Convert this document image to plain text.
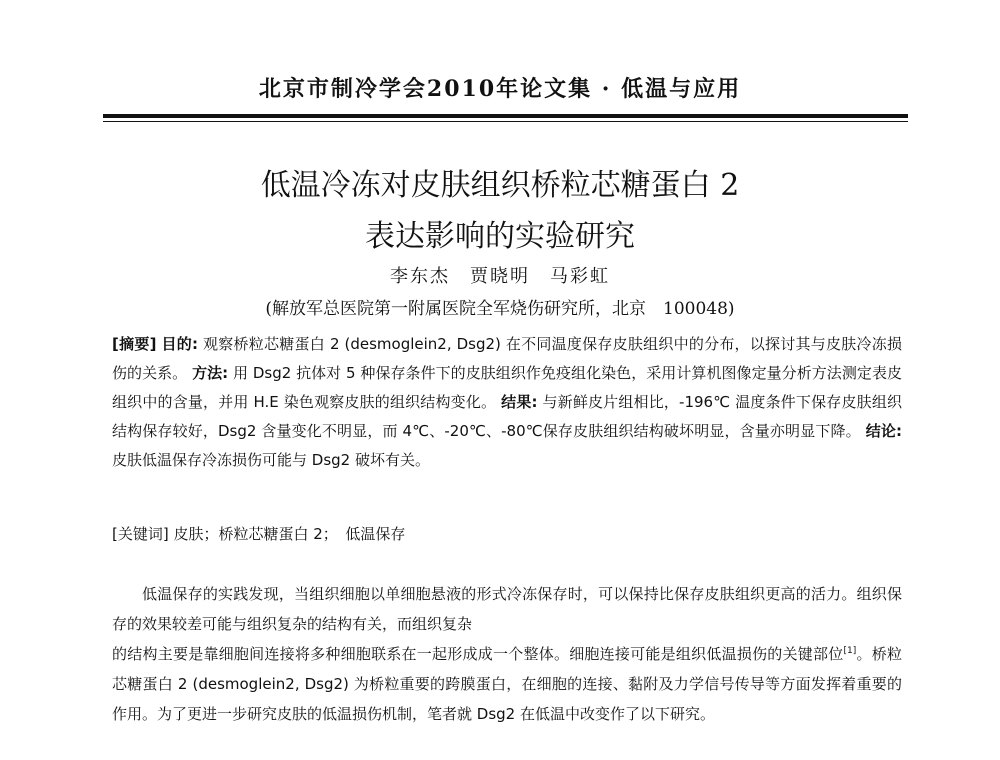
北京市制冷学会2010年论文集 · 低温与应用
低温冷冻对皮肤组织桥粒芯糖蛋白 2
表达影响的实验研究
李东杰　贾晓明　马彩虹
(解放军总医院第一附属医院全军烧伤研究所，北京　100048)
[摘要] 目的: 观察桥粒芯糖蛋白 2 (desmoglein2, Dsg2) 在不同温度保存皮肤组织中的分布，以探讨其与皮肤冷冻损伤的关系。 方法: 用 Dsg2 抗体对 5 种保存条件下的皮肤组织作免疫组化染色，采用计算机图像定量分析方法测定表皮组织中的含量，并用 H.E 染色观察皮肤的组织结构变化。 结果: 与新鲜皮片组相比，-196℃ 温度条件下保存皮肤组织结构保存较好，Dsg2 含量变化不明显，而 4℃、-20℃、-80℃保存皮肤组织结构破坏明显，含量亦明显下降。 结论: 皮肤低温保存冷冻损伤可能与 Dsg2 破坏有关。
[关键词] 皮肤；桥粒芯糖蛋白 2；　低温保存

低温保存的实践发现，当组织细胞以单细胞悬液的形式冷冻保存时，可以保持比保存皮肤组织更高的活力。组织保存的效果较差可能与组织复杂的结构有关，而组织复杂

的结构主要是靠细胞间连接将多种细胞联系在一起形成成一个整体。细胞连接可能是组织低温损伤的关键部位[1]。桥粒芯糖蛋白 2 (desmoglein2, Dsg2) 为桥粒重要的跨膜蛋白，在细胞的连接、黏附及力学信号传导等方面发挥着重要的作用。为了更进一步研究皮肤的低温损伤机制，笔者就 Dsg2 在低温中改变作了以下研究。
